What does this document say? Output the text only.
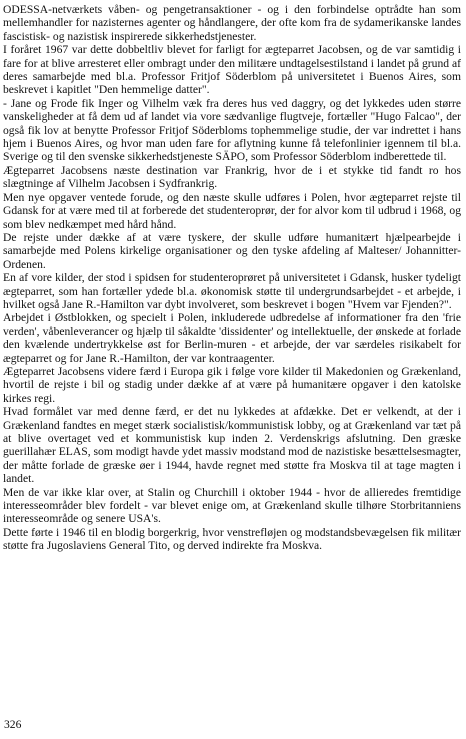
ODESSA-netværkets våben- og pengetransaktioner - og i den forbindelse optrådte han som mellemhandler for nazisternes agenter og håndlangere, der ofte kom fra de sydamerikanske landes fascistisk- og nazistisk inspirerede sikkerhedstjenester.

I foråret 1967 var dette dobbeltliv blevet for farligt for ægteparret Jacobsen, og de var samtidig i fare for at blive arresteret eller ombragt under den militære undtagelsestilstand i landet på grund af deres samarbejde med bl.a. Professor Fritjof Söderblom på universitetet i Buenos Aires, som beskrevet i kapitlet "Den hemmelige datter".

- Jane og Frode fik Inger og Vilhelm væk fra deres hus ved daggry, og det lykkedes uden større vanskeligheder at få dem ud af landet via vore sædvanlige flugtveje, fortæller "Hugo Falcao", der også fik lov at benytte Professor Fritjof Söderbloms tophemmelige studie, der var indrettet i hans hjem i Buenos Aires, og hvor man uden fare for aflytning kunne få telefonlinier igennem til bl.a. Sverige og til den svenske sikkerhedstjeneste SÄPO, som Professor Söderblom indberettede til.

Ægteparret Jacobsens næste destination var Frankrig, hvor de i et stykke tid fandt ro hos slægtninge af Vilhelm Jacobsen i Sydfrankrig.

Men nye opgaver ventede forude, og den næste skulle udføres i Polen, hvor ægteparret rejste til Gdansk for at være med til at forberede det studenteroprør, der for alvor kom til udbrud i 1968, og som blev nedkæmpet med hård hånd.

De rejste under dække af at være tyskere, der skulle udføre humanitært hjælpearbejde i samarbejde med Polens kirkelige organisationer og den tyske afdeling af Malteser/ Johannitter-Ordenen.

En af vore kilder, der stod i spidsen for studenteroprøret på universitetet i Gdansk, husker tydeligt ægteparret, som han fortæller ydede bl.a. økonomisk støtte til undergrundsarbejdet - et arbejde, i hvilket også Jane R.-Hamilton var dybt involveret, som beskrevet i bogen "Hvem var Fjenden?".

Arbejdet i Østblokken, og specielt i Polen, inkluderede udbredelse af informationer fra den 'frie verden', våbenleverancer og hjælp til såkaldte 'dissidenter' og intellektuelle, der ønskede at forlade den kvælende undertrykkelse øst for Berlin-muren - et arbejde, der var særdeles risikabelt for ægteparret og for Jane R.-Hamilton, der var kontraagenter.

Ægteparret Jacobsens videre færd i Europa gik i følge vore kilder til Makedonien og Grækenland, hvortil de rejste i bil og stadig under dække af at være på humanitære opgaver i den katolske kirkes regi.

Hvad formålet var med denne færd, er det nu lykkedes at afdække. Det er velkendt, at der i Grækenland fandtes en meget stærk socialistisk/kommunistisk lobby, og at Grækenland var tæt på at blive overtaget ved et kommunistisk kup inden 2. Verdenskrigs afslutning. Den græske guerillahær ELAS, som modigt havde ydet massiv modstand mod de nazistiske besættelsesmagter, der måtte forlade de græske øer i 1944, havde regnet med støtte fra Moskva til at tage magten i landet.

Men de var ikke klar over, at Stalin og Churchill i oktober 1944 - hvor de allieredes fremtidige interesseområder blev fordelt - var blevet enige om, at Grækenland skulle tilhøre Storbritanniens interesseområde og senere USA's.

Dette førte i 1946 til en blodig borgerkrig, hvor venstrefløjen og modstandsbevægelsen fik militær støtte fra Jugoslaviens General Tito, og derved indirekte fra Moskva.

326
